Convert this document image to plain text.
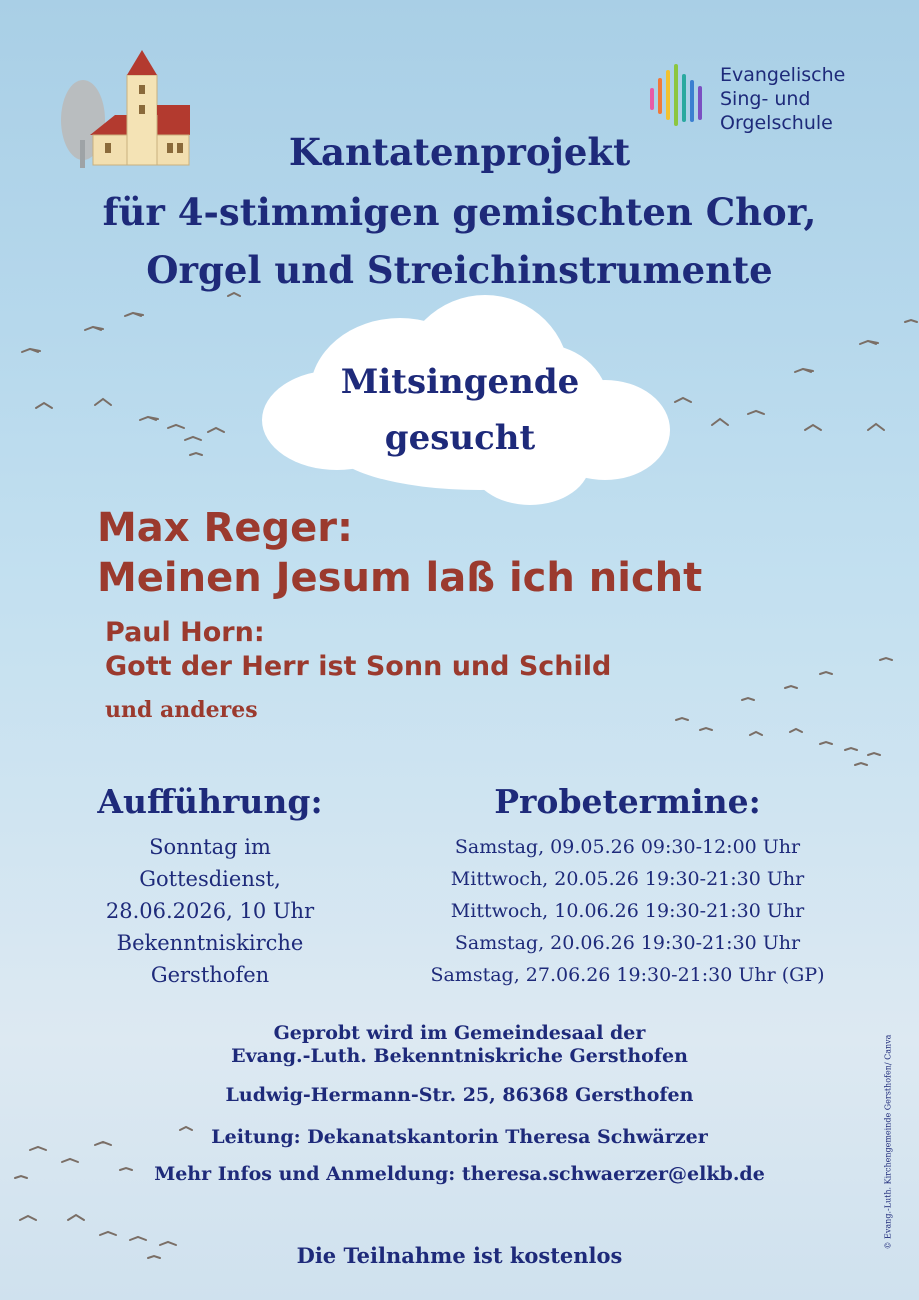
Evangelische
Sing- und
Orgelschule
Kantatenprojekt
für 4-stimmigen gemischten Chor,
Orgel und Streichinstrumente
Mitsingende
gesucht
Max Reger:
Meinen Jesum laß ich nicht
Paul Horn:
Gott der Herr ist Sonn und Schild
und anderes
Aufführung:
Sonntag im
Gottesdienst,
28.06.2026, 10 Uhr
Bekenntniskirche
Gersthofen
Probetermine:
Samstag, 09.05.26 09:30-12:00 Uhr
Mittwoch, 20.05.26 19:30-21:30 Uhr
Mittwoch, 10.06.26 19:30-21:30 Uhr
Samstag, 20.06.26 19:30-21:30 Uhr
Samstag, 27.06.26 19:30-21:30 Uhr (GP)
Geprobt wird im Gemeindesaal der
Evang.-Luth. Bekenntniskriche Gersthofen
Ludwig-Hermann-Str. 25, 86368 Gersthofen
Leitung: Dekanatskantorin Theresa Schwärzer
Mehr Infos und Anmeldung: theresa.schwaerzer@elkb.de
Die Teilnahme ist kostenlos
© Evang.-Luth. Kirchengemeinde Gersthofen/ Canva
